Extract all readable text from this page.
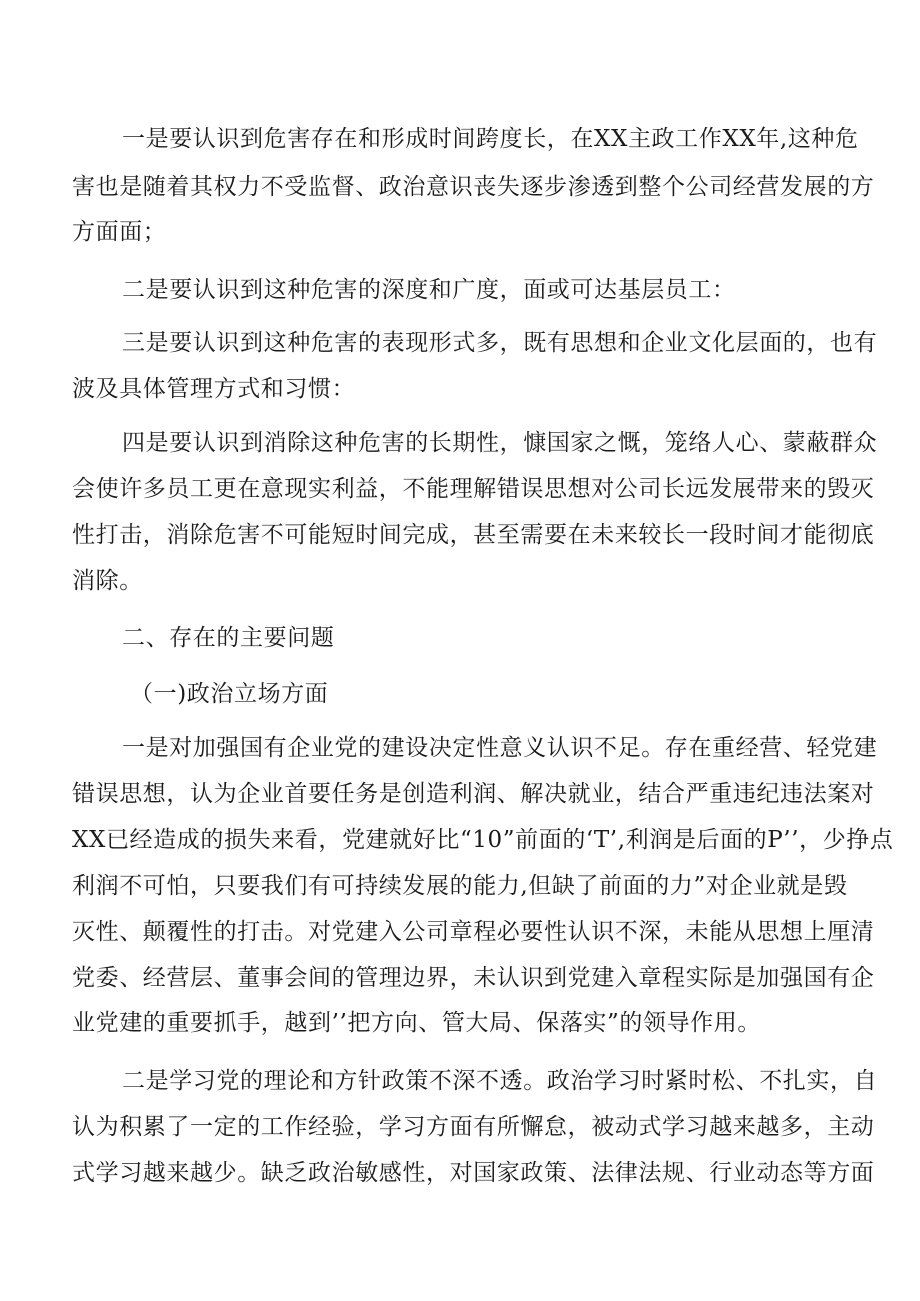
一是要认识到危害存在和形成时间跨度长，在XX主政工作XX年,这种危
害也是随着其权力不受监督、政治意识丧失逐步渗透到整个公司经营发展的方
方面面；
二是要认识到这种危害的深度和广度，面或可达基层员工：
三是要认识到这种危害的表现形式多，既有思想和企业文化层面的，也有
波及具体管理方式和习惯：
四是要认识到消除这种危害的长期性，慷国家之慨，笼络人心、蒙蔽群众
会使许多员工更在意现实利益，不能理解错误思想对公司长远发展带来的毁灭
性打击，消除危害不可能短时间完成，甚至需要在未来较长一段时间才能彻底
消除。
二、存在的主要问题
（一)政治立场方面
一是对加强国有企业党的建设决定性意义认识不足。存在重经营、轻党建
错误思想，认为企业首要任务是创造利润、解决就业，结合严重违纪违法案对
XX已经造成的损失来看，党建就好比“10”前面的‘T’,利润是后面的P’’，少挣点
利润不可怕，只要我们有可持续发展的能力,但缺了前面的力”对企业就是毁
灭性、颠覆性的打击。对党建入公司章程必要性认识不深，未能从思想上厘清
党委、经营层、董事会间的管理边界，未认识到党建入章程实际是加强国有企
业党建的重要抓手，越到’’把方向、管大局、保落实”的领导作用。
二是学习党的理论和方针政策不深不透。政治学习时紧时松、不扎实，自
认为积累了一定的工作经验，学习方面有所懈怠，被动式学习越来越多，主动
式学习越来越少。缺乏政治敏感性，对国家政策、法律法规、行业动态等方面
